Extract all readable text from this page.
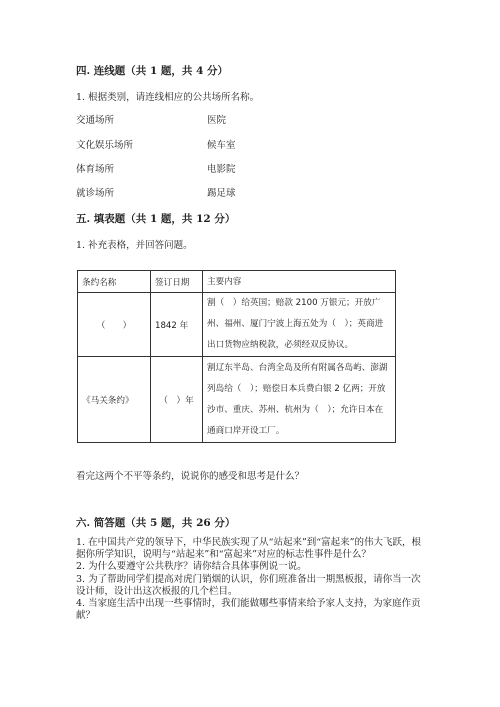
四. 连线题（共 1 题，共 4 分）
1. 根据类别，请连线相应的公共场所名称。
交通场所	医院
文化娱乐场所	候车室
体育场所	电影院
就诊场所	踢足球
五. 填表题（共 1 题，共 12 分）
1. 补充表格，并回答问题。
条约名称	签订日期	主要内容
（　　）	1842 年	割（　）给英国；赔款 2100 万银元；开放广州、福州、厦门宁波上海五处为（　）；英商进出口货物应纳税款，必须经双反协议。
《马关条约》	（　）年	割辽东半岛、台湾全岛及所有附属各岛屿、澎湖列岛给（　）；赔偿日本兵费白银 2 亿两；开放沙市、重庆、苏州、杭州为（　）；允许日本在通商口岸开设工厂。
看完这两个不平等条约，说说你的感受和思考是什么？
六. 简答题（共 5 题，共 26 分）
1. 在中国共产党的领导下，中华民族实现了从“站起来”到“富起来”的伟大飞跃，根据你所学知识，说明与“站起来”和“富起来”对应的标志性事件是什么？
2. 为什么要遵守公共秩序？请你结合具体事例说一说。
3. 为了帮助同学们提高对虎门销烟的认识，你们班准备出一期黑板报，请你当一次设计师，设计出这次板报的几个栏目。
4. 当家庭生活中出现一些事情时，我们能做哪些事情来给予家人支持，为家庭作贡献？
